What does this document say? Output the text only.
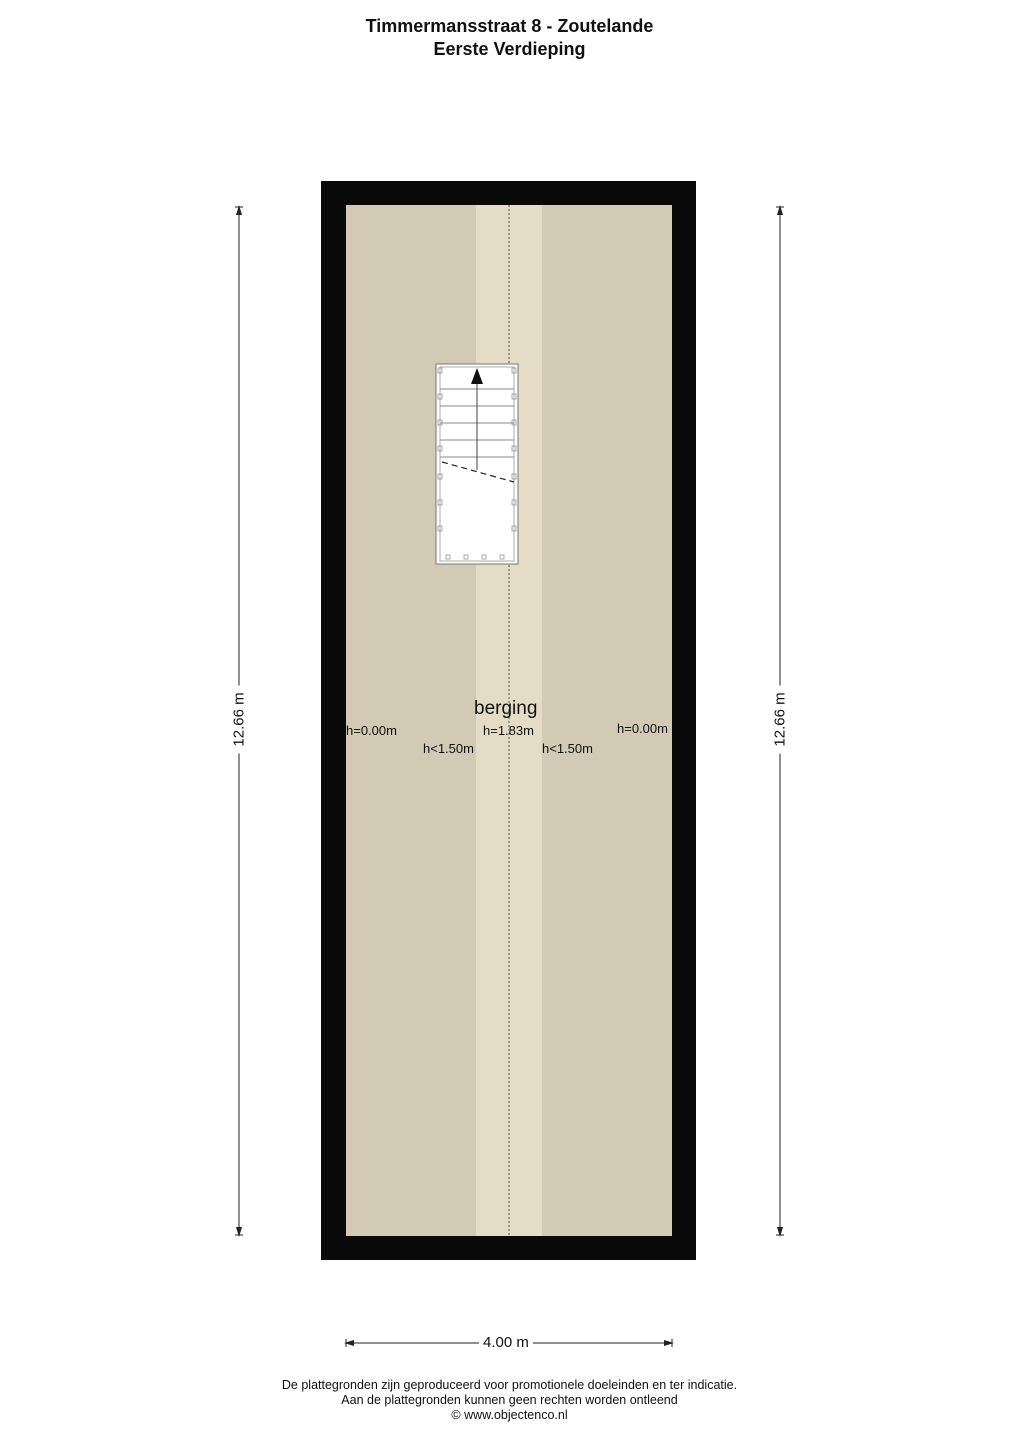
Timmermansstraat 8 - Zoutelande
Eerste Verdieping
berging
h=0.00m
h<1.50m
h=1.83m
h<1.50m
h=0.00m
12.66 m	12.66 m
4.00 m
De plattegronden zijn geproduceerd voor promotionele doeleinden en ter indicatie.
Aan de plattegronden kunnen geen rechten worden ontleend
© www.objectenco.nl
